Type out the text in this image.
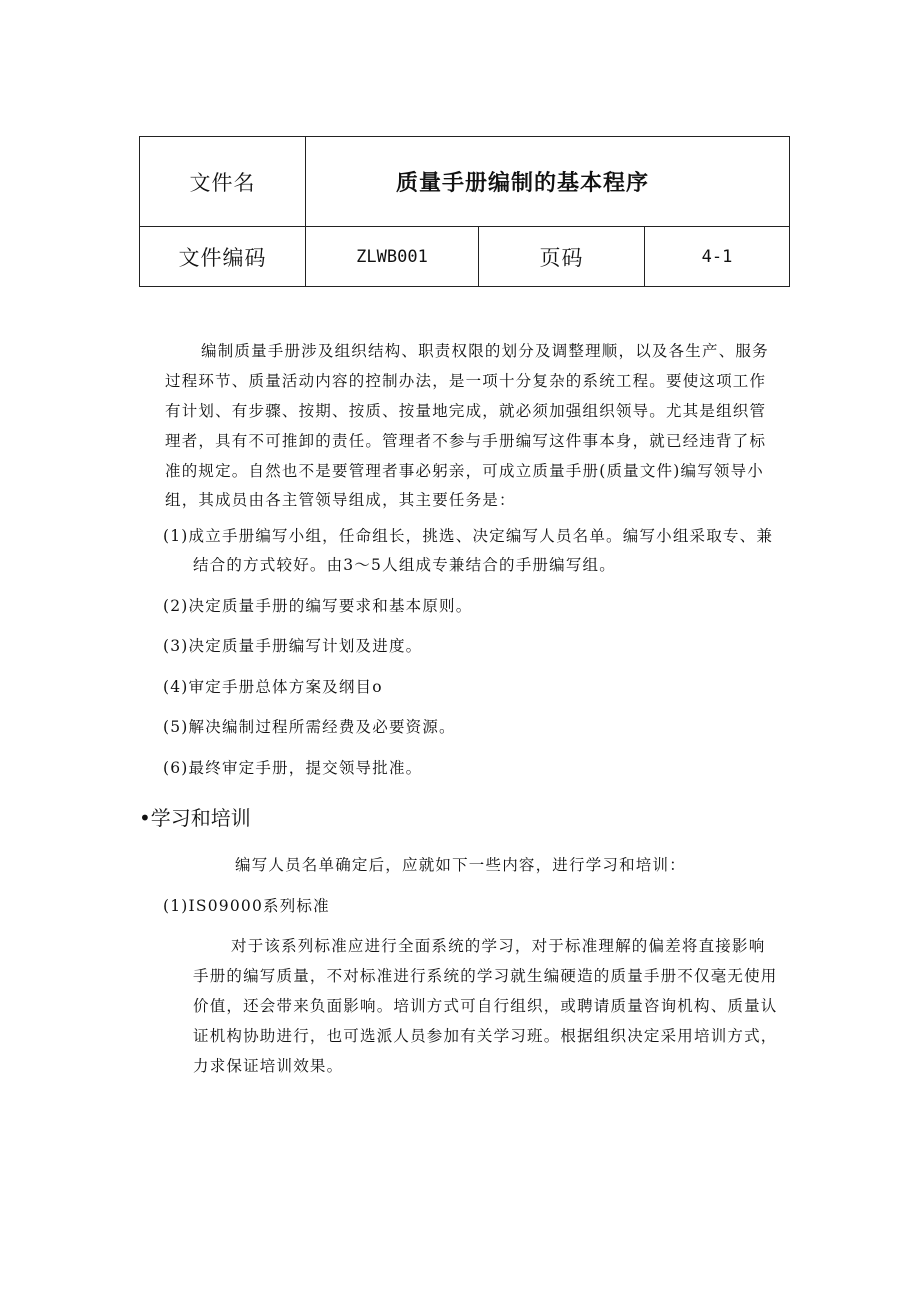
文件名	质量手册编制的基本程序		
文件编码	ZLWB001	页码	4-1
编制质量手册涉及组织结构、职责权限的划分及调整理顺，以及各生产、服务
过程环节、质量活动内容的控制办法，是一项十分复杂的系统工程。要使这项工作
有计划、有步骤、按期、按质、按量地完成，就必须加强组织领导。尤其是组织管
理者，具有不可推卸的责任。管理者不参与手册编写这件事本身，就已经违背了标
准的规定。自然也不是要管理者事必躬亲，可成立质量手册(质量文件)编写领导小
组，其成员由各主管领导组成，其主要任务是：
(1)成立手册编写小组，任命组长，挑选、决定编写人员名单。编写小组采取专、兼
结合的方式较好。由3～5人组成专兼结合的手册编写组。
(2)决定质量手册的编写要求和基本原则。
(3)决定质量手册编写计划及进度。
(4)审定手册总体方案及纲目o
(5)解决编制过程所需经费及必要资源。
(6)最终审定手册，提交领导批准。
•学习和培训
编写人员名单确定后，应就如下一些内容，进行学习和培训：
(1)IS09000系列标准
对于该系列标准应进行全面系统的学习，对于标准理解的偏差将直接影响
手册的编写质量，不对标准进行系统的学习就生编硬造的质量手册不仅毫无使用
价值，还会带来负面影响。培训方式可自行组织，或聘请质量咨询机构、质量认
证机构协助进行，也可选派人员参加有关学习班。根据组织决定采用培训方式，
力求保证培训效果。
